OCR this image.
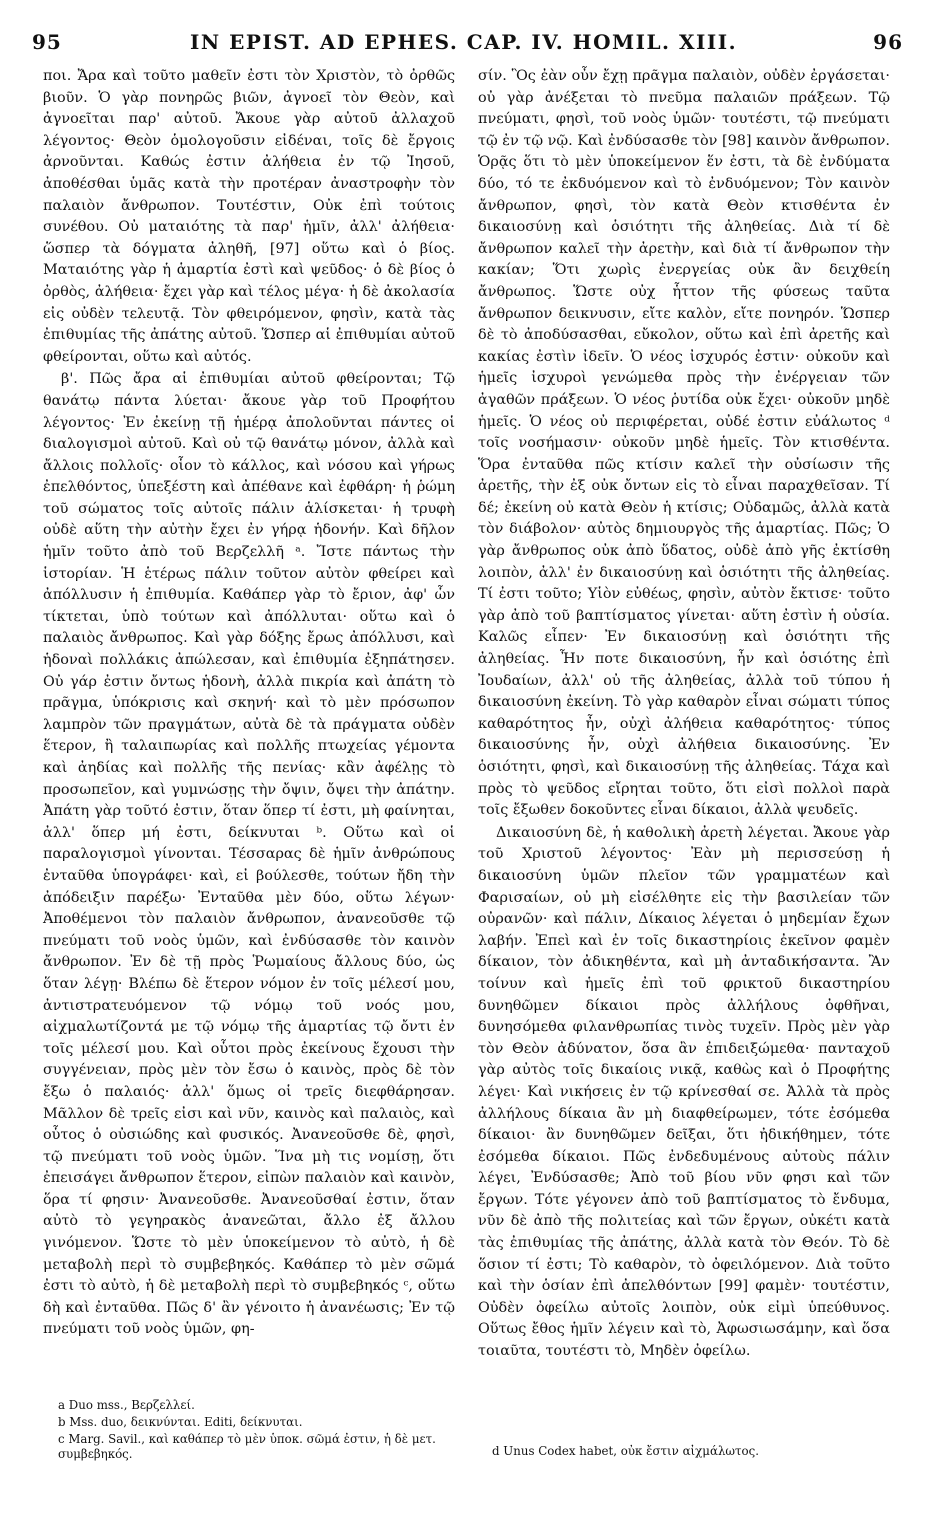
95	IN EPIST. AD EPHES. CAP. IV. HOMIL. XIII.	96

ποι. Ἄρα καὶ τοῦτο μαθεῖν ἐστι τὸν Χριστὸν, τὸ ὀρθῶς βιοῦν. Ὁ γὰρ πονηρῶς βιῶν, ἀγνοεῖ τὸν Θεὸν, καὶ ἀγνοεῖται παρ' αὐτοῦ. Ἄκουε γὰρ αὐτοῦ ἀλλαχοῦ λέγοντος· Θεὸν ὁμολογοῦσιν εἰδέναι, τοῖς δὲ ἔργοις ἀρνοῦνται. Καθώς ἐστιν ἀλήθεια ἐν τῷ Ἰησοῦ, ἀποθέσθαι ὑμᾶς κατὰ τὴν προτέραν ἀναστροφὴν τὸν παλαιὸν ἄνθρωπον. Τουτέστιν, Οὐκ ἐπὶ τούτοις συνέθου. Οὐ ματαιότης τὰ παρ' ἡμῖν, ἀλλ' ἀλήθεια· ὥσπερ τὰ δόγματα ἀληθῆ, [97] οὕτω καὶ ὁ βίος. Ματαιότης γὰρ ἡ ἁμαρτία ἐστὶ καὶ ψεῦδος· ὁ δὲ βίος ὁ ὀρθὸς, ἀλήθεια· ἔχει γὰρ καὶ τέλος μέγα· ἡ δὲ ἀκολασία εἰς οὐδὲν τελευτᾷ. Τὸν φθειρόμενον, φησὶν, κατὰ τὰς ἐπιθυμίας τῆς ἀπάτης αὐτοῦ. Ὥσπερ αἱ ἐπιθυμίαι αὐτοῦ φθείρονται, οὕτω καὶ αὐτός.

β'. Πῶς ἄρα αἱ ἐπιθυμίαι αὐτοῦ φθείρονται; Τῷ θανάτῳ πάντα λύεται· ἄκουε γὰρ τοῦ Προφήτου λέγοντος· Ἐν ἐκείνῃ τῇ ἡμέρᾳ ἀπολοῦνται πάντες οἱ διαλογισμοὶ αὐτοῦ. Καὶ οὐ τῷ θανάτῳ μόνον, ἀλλὰ καὶ ἄλλοις πολλοῖς· οἷον τὸ κάλλος, καὶ νόσου καὶ γήρως ἐπελθόντος, ὑπεξέστη καὶ ἀπέθανε καὶ ἐφθάρη· ἡ ῥώμη τοῦ σώματος τοῖς αὐτοῖς πάλιν ἁλίσκεται· ἡ τρυφὴ οὐδὲ αὕτη τὴν αὐτὴν ἔχει ἐν γήρᾳ ἡδονήν. Καὶ δῆλον ἡμῖν τοῦτο ἀπὸ τοῦ Βερζελλῆ ᵃ. Ἴστε πάντως τὴν ἱστορίαν. Ἡ ἑτέρως πάλιν τοῦτον αὐτὸν φθείρει καὶ ἀπόλλυσιν ἡ ἐπιθυμία. Καθάπερ γὰρ τὸ ἔριον, ἀφ' ὧν τίκτεται, ὑπὸ τούτων καὶ ἀπόλλυται· οὕτω καὶ ὁ παλαιὸς ἄνθρωπος. Καὶ γὰρ δόξης ἔρως ἀπόλλυσι, καὶ ἡδοναὶ πολλάκις ἀπώλεσαν, καὶ ἐπιθυμία ἐξηπάτησεν. Οὐ γάρ ἐστιν ὄντως ἡδονὴ, ἀλλὰ πικρία καὶ ἀπάτη τὸ πρᾶγμα, ὑπόκρισις καὶ σκηνή· καὶ τὸ μὲν πρόσωπον λαμπρὸν τῶν πραγμάτων, αὐτὰ δὲ τὰ πράγματα οὐδὲν ἕτερον, ἢ ταλαιπωρίας καὶ πολλῆς πτωχείας γέμοντα καὶ ἀηδίας καὶ πολλῆς τῆς πενίας· κἂν ἀφέλῃς τὸ προσωπεῖον, καὶ γυμνώσῃς τὴν ὄψιν, ὄψει τὴν ἀπάτην. Ἀπάτη γὰρ τοῦτό ἐστιν, ὅταν ὅπερ τί ἐστι, μὴ φαίνηται, ἀλλ' ὅπερ μή ἐστι, δείκνυται ᵇ. Οὕτω καὶ οἱ παραλογισμοὶ γίνονται. Τέσσαρας δὲ ἡμῖν ἀνθρώπους ἐνταῦθα ὑπογράφει· καὶ, εἰ βούλεσθε, τούτων ἤδη τὴν ἀπόδειξιν παρέξω· Ἐνταῦθα μὲν δύο, οὕτω λέγων· Ἀποθέμενοι τὸν παλαιὸν ἄνθρωπον, ἀνανεοῦσθε τῷ πνεύματι τοῦ νοὸς ὑμῶν, καὶ ἐνδύσασθε τὸν καινὸν ἄνθρωπον. Ἐν δὲ τῇ πρὸς Ῥωμαίους ἄλλους δύο, ὡς ὅταν λέγῃ· Βλέπω δὲ ἕτερον νόμον ἐν τοῖς μέλεσί μου, ἀντιστρατευόμενον τῷ νόμῳ τοῦ νοός μου, αἰχμαλωτίζοντά με τῷ νόμῳ τῆς ἁμαρτίας τῷ ὄντι ἐν τοῖς μέλεσί μου. Καὶ οὗτοι πρὸς ἐκείνους ἔχουσι τὴν συγγένειαν, πρὸς μὲν τὸν ἔσω ὁ καινὸς, πρὸς δὲ τὸν ἔξω ὁ παλαιός· ἀλλ' ὅμως οἱ τρεῖς διεφθάρησαν. Μᾶλλον δὲ τρεῖς εἰσι καὶ νῦν, καινὸς καὶ παλαιὸς, καὶ οὗτος ὁ οὐσιώδης καὶ φυσικός. Ἀνανεοῦσθε δὲ, φησὶ, τῷ πνεύματι τοῦ νοὸς ὑμῶν. Ἵνα μὴ τις νομίσῃ, ὅτι ἐπεισάγει ἄνθρωπον ἕτερον, εἰπὼν παλαιὸν καὶ καινὸν, ὅρα τί φησιν· Ἀνανεοῦσθε. Ἀνανεοῦσθαί ἐστιν, ὅταν αὐτὸ τὸ γεγηρακὸς ἀνανεῶται, ἄλλο ἐξ ἄλλου γινόμενον. Ὥστε τὸ μὲν ὑποκείμενον τὸ αὐτὸ, ἡ δὲ μεταβολὴ περὶ τὸ συμβεβηκός. Καθάπερ τὸ μὲν σῶμά ἐστι τὸ αὐτὸ, ἡ δὲ μεταβολὴ περὶ τὸ συμβεβηκός ᶜ, οὕτω δὴ καὶ ἐνταῦθα. Πῶς δ' ἂν γένοιτο ἡ ἀνανέωσις; Ἐν τῷ πνεύματι τοῦ νοὸς ὑμῶν, φη-

σίν. Ὃς ἐὰν οὖν ἔχῃ πρᾶγμα παλαιὸν, οὐδὲν ἐργάσεται· οὐ γὰρ ἀνέξεται τὸ πνεῦμα παλαιῶν πράξεων. Τῷ πνεύματι, φησὶ, τοῦ νοὸς ὑμῶν· τουτέστι, τῷ πνεύματι τῷ ἐν τῷ νῷ. Καὶ ἐνδύσασθε τὸν [98] καινὸν ἄνθρωπον. Ὁρᾷς ὅτι τὸ μὲν ὑποκείμενον ἕν ἐστι, τὰ δὲ ἐνδύματα δύο, τό τε ἐκδυόμενον καὶ τὸ ἐνδυόμενον; Τὸν καινὸν ἄνθρωπον, φησὶ, τὸν κατὰ Θεὸν κτισθέντα ἐν δικαιοσύνῃ καὶ ὁσιότητι τῆς ἀληθείας. Διὰ τί δὲ ἄνθρωπον καλεῖ τὴν ἀρετὴν, καὶ διὰ τί ἄνθρωπον τὴν κακίαν; Ὅτι χωρὶς ἐνεργείας οὐκ ἂν δειχθείη ἄνθρωπος. Ὥστε οὐχ ἧττον τῆς φύσεως ταῦτα ἄνθρωπον δεικνυσιν, εἴτε καλὸν, εἴτε πονηρόν. Ὥσπερ δὲ τὸ ἀποδύσασθαι, εὔκολον, οὕτω καὶ ἐπὶ ἀρετῆς καὶ κακίας ἐστὶν ἰδεῖν. Ὁ νέος ἰσχυρός ἐστιν· οὐκοῦν καὶ ἡμεῖς ἰσχυροὶ γενώμεθα πρὸς τὴν ἐνέργειαν τῶν ἀγαθῶν πράξεων. Ὁ νέος ῥυτίδα οὐκ ἔχει· οὐκοῦν μηδὲ ἡμεῖς. Ὁ νέος οὐ περιφέρεται, οὐδέ ἐστιν εὐάλωτος ᵈ τοῖς νοσήμασιν· οὐκοῦν μηδὲ ἡμεῖς. Τὸν κτισθέντα. Ὅρα ἐνταῦθα πῶς κτίσιν καλεῖ τὴν οὐσίωσιν τῆς ἀρετῆς, τὴν ἐξ οὐκ ὄντων εἰς τὸ εἶναι παραχθεῖσαν. Τί δέ; ἐκείνη οὐ κατὰ Θεὸν ἡ κτίσις; Οὐδαμῶς, ἀλλὰ κατὰ τὸν διάβολον· αὐτὸς δημιουργὸς τῆς ἁμαρτίας. Πῶς; Ὁ γὰρ ἄνθρωπος οὐκ ἀπὸ ὕδατος, οὐδὲ ἀπὸ γῆς ἐκτίσθη λοιπὸν, ἀλλ' ἐν δικαιοσύνῃ καὶ ὁσιότητι τῆς ἀληθείας. Τί ἐστι τοῦτο; Υἱὸν εὐθέως, φησὶν, αὐτὸν ἔκτισε· τοῦτο γὰρ ἀπὸ τοῦ βαπτίσματος γίνεται· αὕτη ἐστὶν ἡ οὐσία. Καλῶς εἶπεν· Ἐν δικαιοσύνῃ καὶ ὁσιότητι τῆς ἀληθείας. Ἦν ποτε δικαιοσύνη, ἦν καὶ ὁσιότης ἐπὶ Ἰουδαίων, ἀλλ' οὐ τῆς ἀληθείας, ἀλλὰ τοῦ τύπου ἡ δικαιοσύνη ἐκείνη. Τὸ γὰρ καθαρὸν εἶναι σώματι τύπος καθαρότητος ἦν, οὐχὶ ἀλήθεια καθαρότητος· τύπος δικαιοσύνης ἦν, οὐχὶ ἀλήθεια δικαιοσύνης. Ἐν ὁσιότητι, φησὶ, καὶ δικαιοσύνῃ τῆς ἀληθείας. Τάχα καὶ πρὸς τὸ ψεῦδος εἴρηται τοῦτο, ὅτι εἰσὶ πολλοὶ παρὰ τοῖς ἔξωθεν δοκοῦντες εἶναι δίκαιοι, ἀλλὰ ψευδεῖς.

Δικαιοσύνη δὲ, ἡ καθολικὴ ἀρετὴ λέγεται. Ἄκουε γὰρ τοῦ Χριστοῦ λέγοντος· Ἐὰν μὴ περισσεύσῃ ἡ δικαιοσύνη ὑμῶν πλεῖον τῶν γραμματέων καὶ Φαρισαίων, οὐ μὴ εἰσέλθητε εἰς τὴν βασιλείαν τῶν οὐρανῶν· καὶ πάλιν, Δίκαιος λέγεται ὁ μηδεμίαν ἔχων λαβήν. Ἐπεὶ καὶ ἐν τοῖς δικαστηρίοις ἐκεῖνον φαμὲν δίκαιον, τὸν ἀδικηθέντα, καὶ μὴ ἀνταδικήσαντα. Ἂν τοίνυν καὶ ἡμεῖς ἐπὶ τοῦ φρικτοῦ δικαστηρίου δυνηθῶμεν δίκαιοι πρὸς ἀλλήλους ὀφθῆναι, δυνησόμεθα φιλανθρωπίας τινὸς τυχεῖν. Πρὸς μὲν γὰρ τὸν Θεὸν ἀδύνατον, ὅσα ἂν ἐπιδειξώμεθα· πανταχοῦ γὰρ αὐτὸς τοῖς δικαίοις νικᾷ, καθὼς καὶ ὁ Προφήτης λέγει· Καὶ νικήσεις ἐν τῷ κρίνεσθαί σε. Ἀλλὰ τὰ πρὸς ἀλλήλους δίκαια ἂν μὴ διαφθείρωμεν, τότε ἐσόμεθα δίκαιοι· ἂν δυνηθῶμεν δεῖξαι, ὅτι ἠδικήθημεν, τότε ἐσόμεθα δίκαιοι. Πῶς ἐνδεδυμένους αὐτοὺς πάλιν λέγει, Ἐνδύσασθε; Ἀπὸ τοῦ βίου νῦν φησι καὶ τῶν ἔργων. Τότε γέγονεν ἀπὸ τοῦ βαπτίσματος τὸ ἔνδυμα, νῦν δὲ ἀπὸ τῆς πολιτείας καὶ τῶν ἔργων, οὐκέτι κατὰ τὰς ἐπιθυμίας τῆς ἀπάτης, ἀλλὰ κατὰ τὸν Θεόν. Τὸ δὲ ὅσιον τί ἐστι; Τὸ καθαρὸν, τὸ ὀφειλόμενον. Διὰ τοῦτο καὶ τὴν ὁσίαν ἐπὶ ἀπελθόντων [99] φαμὲν· τουτέστιν, Οὐδὲν ὀφείλω αὐτοῖς λοιπὸν, οὐκ εἰμὶ ὑπεύθυνος. Οὕτως ἔθος ἡμῖν λέγειν καὶ τὸ, Ἀφωσιωσάμην, καὶ ὅσα τοιαῦτα, τουτέστι τὸ, Μηδὲν ὀφείλω.

a Duo mss., Βερζελλεί.
b Mss. duo, δεικνύνται. Editi, δείκνυται.
c Marg. Savil., καὶ καθάπερ τὸ μὲν ὑποκ. σῶμά ἐστιν, ἡ δὲ μετ. συμβεβηκός.	d Unus Codex habet, οὐκ ἔστιν αἰχμάλωτος.
